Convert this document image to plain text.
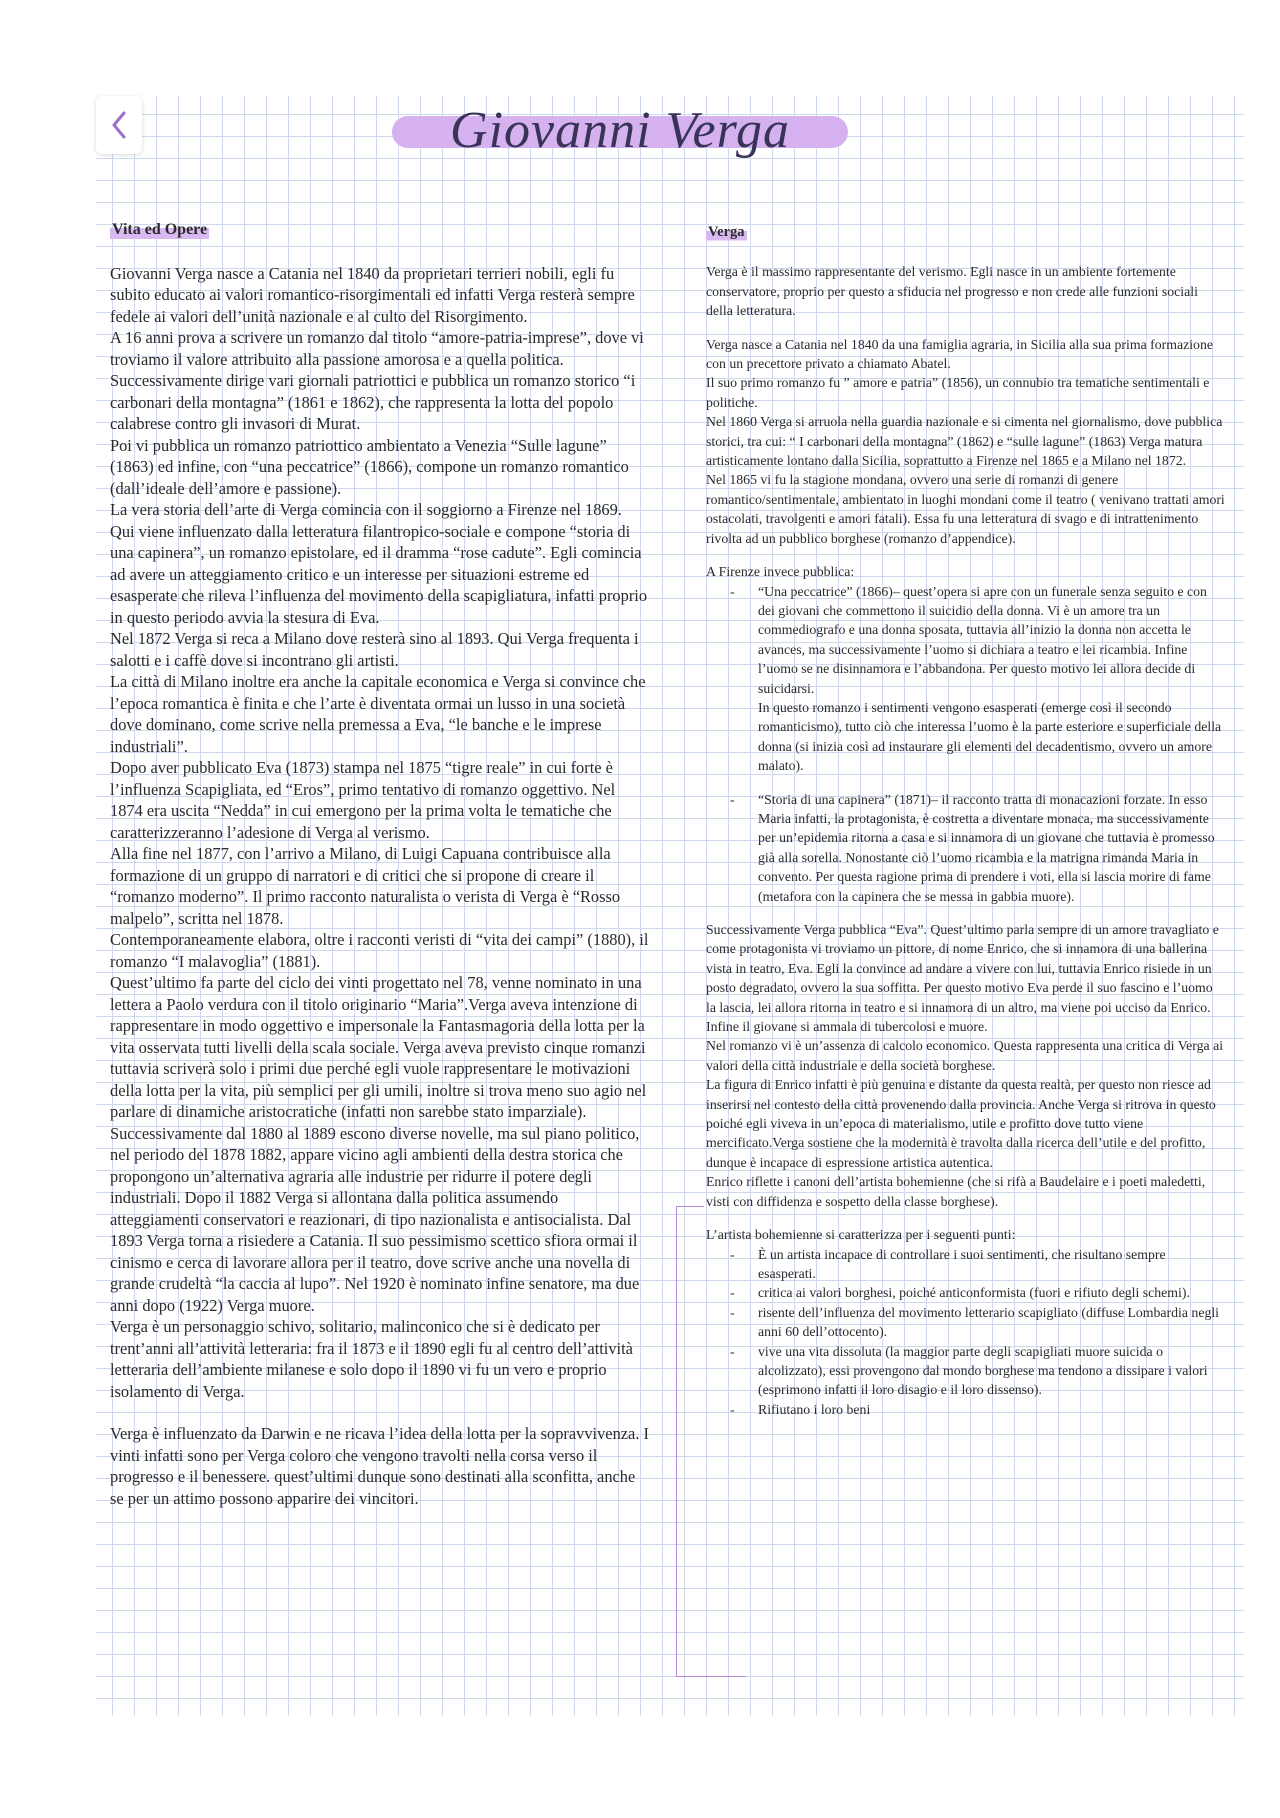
Giovanni Verga
Vita ed Opere

Giovanni Verga nasce a Catania nel 1840 da proprietari terrieri nobili, egli fu subito educato ai valori romantico-risorgimentali ed infatti Verga resterà sempre fedele ai valori dell’unità nazionale e al culto del Risorgimento.

A 16 anni prova a scrivere un romanzo dal titolo “amore-patria-imprese”, dove vi troviamo il valore attribuito alla passione amorosa e a quella politica. Successivamente dirige vari giornali patriottici e pubblica un romanzo storico “i carbonari della montagna” (1861 e 1862), che rappresenta la lotta del popolo calabrese contro gli invasori di Murat.

Poi vi pubblica un romanzo patriottico ambientato a Venezia “Sulle lagune” (1863) ed infine, con “una peccatrice” (1866), compone un romanzo romantico (dall’ideale dell’amore e passione).

La vera storia dell’arte di Verga comincia con il soggiorno a Firenze nel 1869. Qui viene influenzato dalla letteratura filantropico-sociale e compone “storia di una capinera”, un romanzo epistolare, ed il dramma “rose cadute”. Egli comincia ad avere un atteggiamento critico e un interesse per situazioni estreme ed esasperate che rileva l’influenza del movimento della scapigliatura, infatti proprio in questo periodo avvia la stesura di Eva.

Nel 1872 Verga si reca a Milano dove resterà sino al 1893. Qui Verga frequenta i salotti e i caffè dove si incontrano gli artisti.

La città di Milano inoltre era anche la capitale economica e Verga si convince che l’epoca romantica è finita e che l’arte è diventata ormai un lusso in una società dove dominano, come scrive nella premessa a Eva, “le banche e le imprese industriali”.

Dopo aver pubblicato Eva (1873) stampa nel 1875 “tigre reale” in cui forte è l’influenza Scapigliata, ed “Eros”, primo tentativo di romanzo oggettivo. Nel 1874 era uscita “Nedda” in cui emergono per la prima volta le tematiche che caratterizzeranno l’adesione di Verga al verismo.

Alla fine nel 1877, con l’arrivo a Milano, di Luigi Capuana contribuisce alla formazione di un gruppo di narratori e di critici che si propone di creare il “romanzo moderno”. Il primo racconto naturalista o verista di Verga è “Rosso malpelo”, scritta nel 1878.

Contemporaneamente elabora, oltre i racconti veristi di “vita dei campi” (1880), il romanzo “I malavoglia” (1881).

Quest’ultimo fa parte del ciclo dei vinti progettato nel 78, venne nominato in una lettera a Paolo verdura con il titolo originario “Maria”.Verga aveva intenzione di rappresentare in modo oggettivo e impersonale la Fantasmagoria della lotta per la vita osservata tutti livelli della scala sociale. Verga aveva previsto cinque romanzi tuttavia scriverà solo i primi due perché egli vuole rappresentare le motivazioni della lotta per la vita, più semplici per gli umili, inoltre si trova meno suo agio nel parlare di dinamiche aristocratiche (infatti non sarebbe stato imparziale).

Successivamente dal 1880 al 1889 escono diverse novelle, ma sul piano politico, nel periodo del 1878 1882, appare vicino agli ambienti della destra storica che propongono un’alternativa agraria alle industrie per ridurre il potere degli industriali. Dopo il 1882 Verga si allontana dalla politica assumendo atteggiamenti conservatori e reazionari, di tipo nazionalista e antisocialista. Dal 1893 Verga torna a risiedere a Catania. Il suo pessimismo scettico sfiora ormai il cinismo e cerca di lavorare allora per il teatro, dove scrive anche una novella di grande crudeltà “la caccia al lupo”. Nel 1920 è nominato infine senatore, ma due anni dopo (1922) Verga muore.

Verga è un personaggio schivo, solitario, malinconico che si è dedicato per trent’anni all’attività letteraria: fra il 1873 e il 1890 egli fu al centro dell’attività letteraria dell’ambiente milanese e solo dopo il 1890 vi fu un vero e proprio isolamento di Verga.

Verga è influenzato da Darwin e ne ricava l’idea della lotta per la sopravvivenza. I vinti infatti sono per Verga coloro che vengono travolti nella corsa verso il progresso e il benessere. quest’ultimi dunque sono destinati alla sconfitta, anche se per un attimo possono apparire dei vincitori.

Verga

Verga è il massimo rappresentante del verismo. Egli nasce in un ambiente fortemente conservatore, proprio per questo a sfiducia nel progresso e non crede alle funzioni sociali della letteratura.

Verga nasce a Catania nel 1840 da una famiglia agraria, in Sicilia alla sua prima formazione con un precettore privato a chiamato Abatel.

Il suo primo romanzo fu ” amore e patria” (1856), un connubio tra tematiche sentimentali e politiche.

Nel 1860 Verga si arruola nella guardia nazionale e si cimenta nel giornalismo, dove pubblica storici, tra cui: “ I carbonari della montagna” (1862) e “sulle lagune” (1863) Verga matura artisticamente lontano dalla Sicilia, soprattutto a Firenze nel 1865 e a Milano nel 1872.

Nel 1865 vi fu la stagione mondana, ovvero una serie di romanzi di genere romantico/sentimentale, ambientato in luoghi mondani come il teatro ( venivano trattati amori ostacolati, travolgenti e amori fatali). Essa fu una letteratura di svago e di intrattenimento rivolta ad un pubblico borghese (romanzo d’appendice).

A Firenze invece pubblica:

- “Una peccatrice” (1866)– quest’opera si apre con un funerale senza seguito e con dei giovani che commettono il suicidio della donna. Vi è un amore tra un commediografo e una donna sposata, tuttavia all’inizio la donna non accetta le avances, ma successivamente l’uomo si dichiara a teatro e lei ricambia. Infine l’uomo se ne disinnamora e l’abbandona. Per questo motivo lei allora decide di suicidarsi.

In questo romanzo i sentimenti vengono esasperati (emerge così il secondo romanticismo), tutto ciò che interessa l’uomo è la parte esteriore e superficiale della donna (si inizia così ad instaurare gli elementi del decadentismo, ovvero un amore malato).

- “Storia di una capinera” (1871)– il racconto tratta di monacazioni forzate. In esso Maria infatti, la protagonista, è costretta a diventare monaca, ma successivamente per un’epidemia ritorna a casa e si innamora di un giovane che tuttavia è promesso già alla sorella. Nonostante ciò l’uomo ricambia e la matrigna rimanda Maria in convento. Per questa ragione prima di prendere i voti, ella si lascia morire di fame (metafora con la capinera che se messa in gabbia muore).

Successivamente Verga pubblica “Eva”. Quest’ultimo parla sempre di un amore travagliato e come protagonista vi troviamo un pittore, di nome Enrico, che si innamora di una ballerina vista in teatro, Eva. Egli la convince ad andare a vivere con lui, tuttavia Enrico risiede in un posto degradato, ovvero la sua soffitta. Per questo motivo Eva perde il suo fascino e l’uomo la lascia, lei allora ritorna in teatro e si innamora di un altro, ma viene poi ucciso da Enrico. Infine il giovane si ammala di tubercolosi e muore.

Nel romanzo vi è un’assenza di calcolo economico. Questa rappresenta una critica di Verga ai valori della città industriale e della società borghese.

La figura di Enrico infatti è più genuina e distante da questa realtà, per questo non riesce ad inserirsi nel contesto della città provenendo dalla provincia. Anche Verga si ritrova in questo poiché egli viveva in un’epoca di materialismo, utile e profitto dove tutto viene mercificato.Verga sostiene che la modernità è travolta dalla ricerca dell’utile e del profitto, dunque è incapace di espressione artistica autentica.

Enrico riflette i canoni dell’artista bohemienne (che si rifà a Baudelaire e i poeti maledetti, visti con diffidenza e sospetto della classe borghese).

L’artista bohemienne si caratterizza per i seguenti punti:

- È un artista incapace di controllare i suoi sentimenti, che risultano sempre esasperati.
- critica ai valori borghesi, poiché anticonformista (fuori e rifiuto degli schemi).
- risente dell’influenza del movimento letterario scapigliato (diffuse Lombardia negli anni 60 dell’ottocento).
- vive una vita dissoluta (la maggior parte degli scapigliati muore suicida o alcolizzato), essi provengono dal mondo borghese ma tendono a dissipare i valori (esprimono infatti il loro disagio e il loro dissenso).
- Rifiutano i loro beni
